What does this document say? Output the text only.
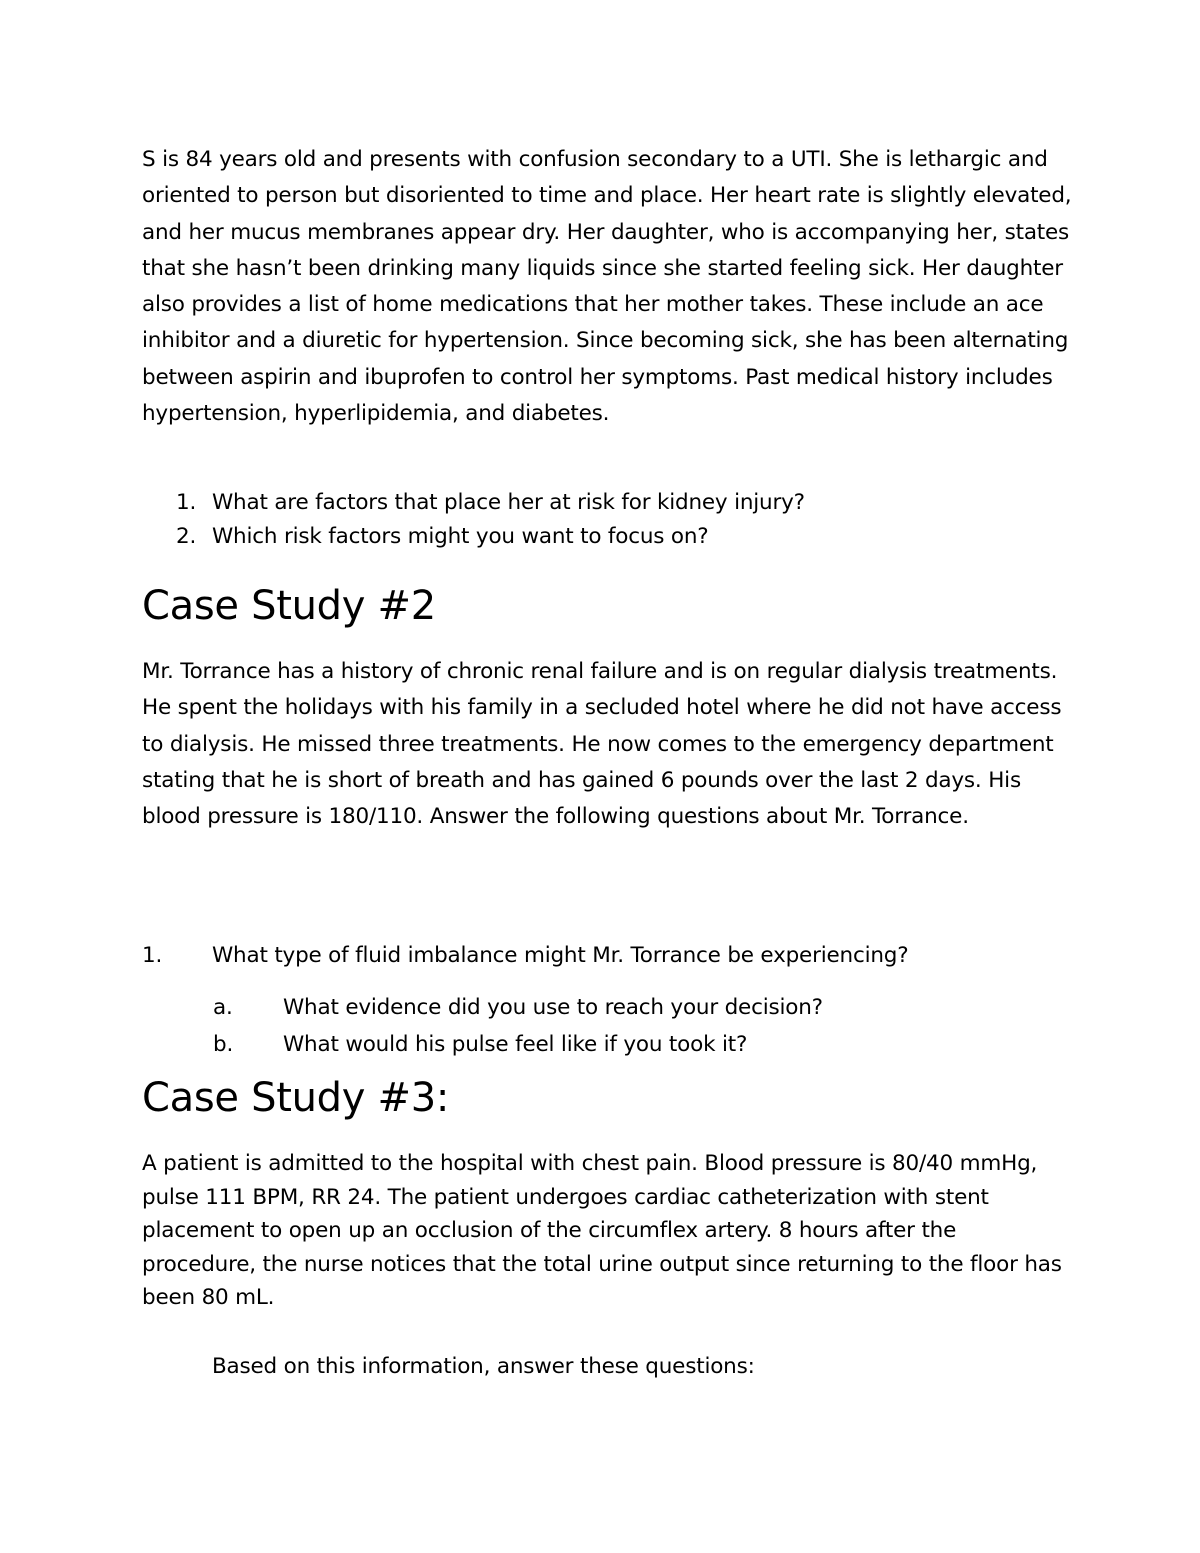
S is 84 years old and presents with confusion secondary to a UTI. She is lethargic and oriented to person but disoriented to time and place. Her heart rate is slightly elevated, and her mucus membranes appear dry. Her daughter, who is accompanying her, states that she hasn’t been drinking many liquids since she started feeling sick. Her daughter also provides a list of home medications that her mother takes. These include an ace inhibitor and a diuretic for hypertension. Since becoming sick, she has been alternating between aspirin and ibuprofen to control her symptoms. Past medical history includes hypertension, hyperlipidemia, and diabetes.

1. What are factors that place her at risk for kidney injury?
2. Which risk factors might you want to focus on?
Case Study #2

Mr. Torrance has a history of chronic renal failure and is on regular dialysis treatments. He spent the holidays with his family in a secluded hotel where he did not have access to dialysis. He missed three treatments. He now comes to the emergency department stating that he is short of breath and has gained 6 pounds over the last 2 days. His blood pressure is 180/110. Answer the following questions about Mr. Torrance.

1. What type of fluid imbalance might Mr. Torrance be experiencing?
a. What evidence did you use to reach your decision?
b. What would his pulse feel like if you took it?
Case Study #3:

A patient is admitted to the hospital with chest pain. Blood pressure is 80/40 mmHg, pulse 111 BPM, RR 24. The patient undergoes cardiac catheterization with stent placement to open up an occlusion of the circumflex artery. 8 hours after the procedure, the nurse notices that the total urine output since returning to the floor has been 80 mL.

Based on this information, answer these questions:
